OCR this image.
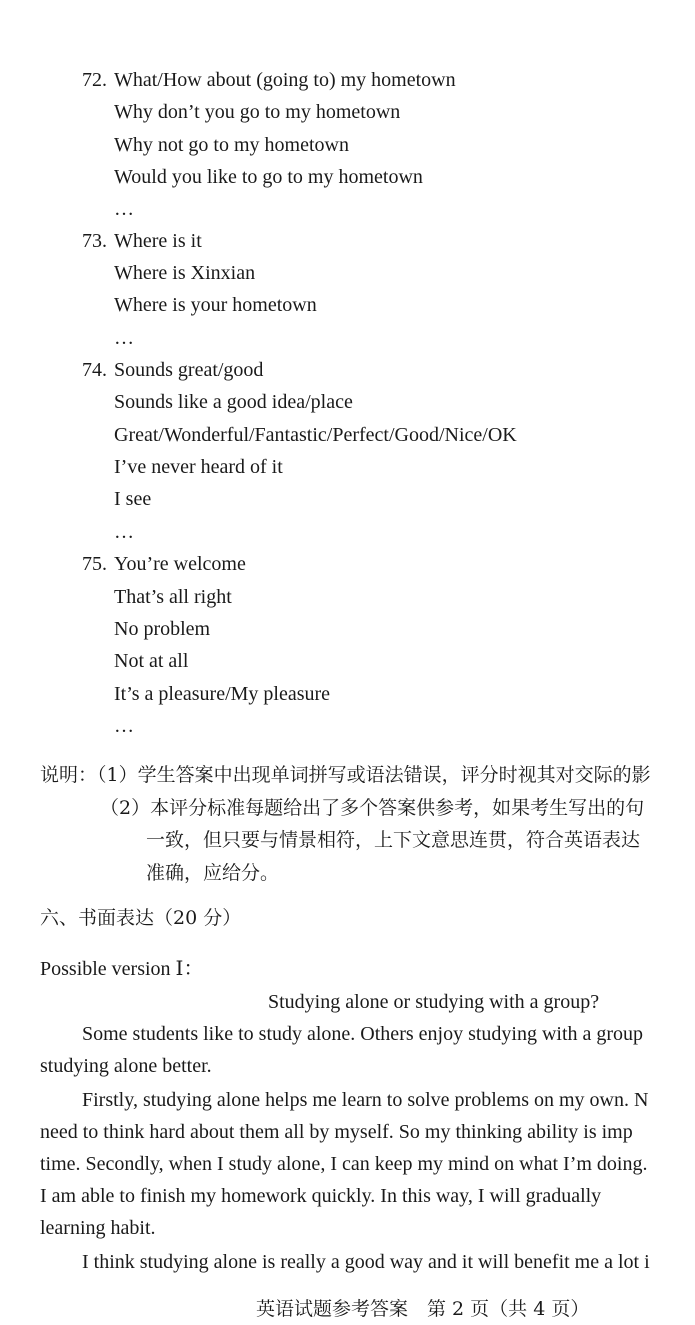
72. What/How about (going to) my hometown
Why don’t you go to my hometown
Why not go to my hometown
Would you like to go to my hometown
…
73. Where is it
Where is Xinxian
Where is your hometown
…
74. Sounds great/good
Sounds like a good idea/place
Great/Wonderful/Fantastic/Perfect/Good/Nice/OK
I’ve never heard of it
I see
…
75. You’re welcome
That’s all right
No problem
Not at all
It’s a pleasure/My pleasure
…
说明：（1）学生答案中出现单词拼写或语法错误，评分时视其对交际的影
（2）本评分标准每题给出了多个答案供参考，如果考生写出的句
一致，但只要与情景相符，上下文意思连贯，符合英语表达
准确，应给分。
六、书面表达（20 分）
Possible version Ⅰ：
Studying alone or studying with a group?
Some students like to study alone. Others enjoy studying with a group
studying alone better.
Firstly, studying alone helps me learn to solve problems on my own. N
need to think hard about them all by myself. So my thinking ability is imp
time. Secondly, when I study alone, I can keep my mind on what I’m doing.
I am able to finish my homework quickly. In this way, I will gradually
learning habit.
I think studying alone is really a good way and it will benefit me a lot i
英语试题参考答案　第 2 页（共 4 页）
